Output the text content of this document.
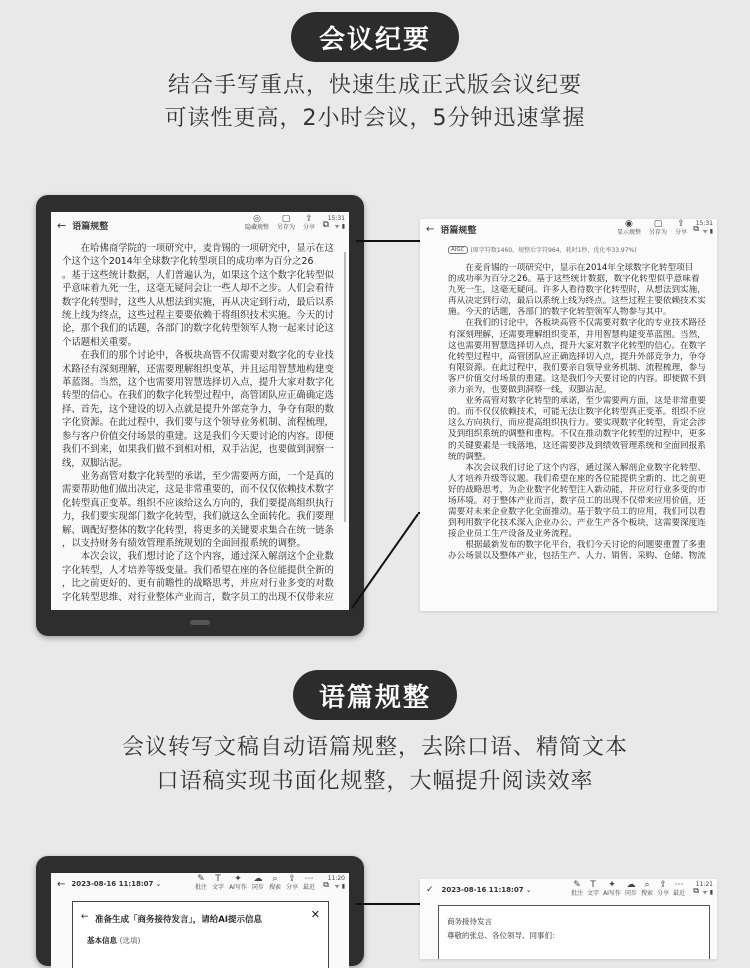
会议纪要
结合手写重点，快速生成正式版会议纪要
可读性更高，2小时会议，5分钟迅速掌握
← 语篇规整
◎
隐藏规整
▢
另存为
⇪
分享 ⧉
15:31
ᯤ ▮
　　在哈佛商学院的一项研究中，麦肯锡的一项研究中，显示在这
个这个这个2014年全球数字化转型项目的成功率为百分之26
。基于这些统计数据，人们普遍认为，如果这个这个数字化转型似
乎意味着九死一生，这毫无疑问会让一些人却不之步。人们会看待
数字化转型时，这些人从想法到实施，再从决定到行动，最后以系
统上线为终点，这些过程主要要依赖于将组织技术实施。今天的讨
论，那个我们的话题，各部门的数字化转型领军人物一起来讨论这
个话题相关重要。
　　在我们的那个讨论中，各板块高管不仅需要对数字化的专业技
术路径有深刻理解，还需要理解组织变革，并且运用智慧地构建变
革蓝图。当然，这个也需要用智慧选择切入点，提升大家对数字化
转型的信心。在我们的数字化转型过程中，高管团队应正确确定选
择、首先，这个建设的切入点就是提升外部竞争力，争夺有限的数
字化资源。在此过程中，我们要与这个领导业务机制、流程梳理，
参与客户价值交付场景的重建。这是我们今天要讨论的内容。即便
我们不到来，如果我们做不到相对相，双手沾泥，也要做到洞察一
线，双脚沾泥。
　　业务高管对数字化转型的承诺，至少需要两方面，一个是真的
需要帮助他们做出决定，这是非常重要的，而不仅仅依赖技术数字
化转型真正变革。组织不应该给这么方向的，我们要提高组织执行
力，我们要实现部门数字化转型，我们就这么全面转化。我们要理
解、调配好整体的数字化转型，将更多的关键要求集合在统一链条
，以支持财务有绩效管理系统规划的全面回报系统的调整。
　　本次会议，我们想讨论了这个内容，通过深入解剖这个企业数
字化转型，人才培养等级变量。我们希望在座的各位能提供全新的
，比之前更好的、更有前瞻性的战略思考，并应对行业多变的对数
字化转型思维、对行业整体产业而言，数字员工的出现不仅带来应
← 语篇规整
◉
显示规整
▢
另存为
⇪
分享 ⧉
15:31
ᯤ ▮
AIGC	(原字符数1460，规整后字符964，耗时1秒，优化率33.97%)
　　在麦肯锡的一项研究中，显示在2014年全球数字化转型项目
的成功率为百分之26。基于这些统计数据，数字化转型似乎意味着
九死一生，这毫无疑问。许多人看待数字化转型时，从想法到实施，
再从决定到行动，最后以系统上线为终点。这些过程主要依赖技术实
施。今天的话题，各部门的数字化转型领军人物参与其中。
　　在我们的讨论中，各板块高管不仅需要对数字化的专业技术路径
有深刻理解，还需要理解组织变革，并用智慧构建变革蓝图。当然，
这也需要用智慧选择切入点，提升大家对数字化转型的信心。在数字
化转型过程中，高管团队应正确选择切入点，提升外部竞争力，争夺
有限资源。在此过程中，我们要亲自领导业务机制、流程梳理，参与
客户价值交付场景的重建。这是我们今天要讨论的内容。即使做不到
亲力亲为，也要做到洞察一线，双脚沾泥。
　　业务高管对数字化转型的承诺，至少需要两方面，这是非常重要
的。而不仅仅依赖技术，可能无法让数字化转型真正变革。组织不应
这么方向执行，而应提高组织执行力。要实现数字化转型，肯定会涉
及到组织系统的调整和重构。不仅在推动数字化转型的过程中，更多
的关键要素是一线落地，这还需要涉及到绩效管理系统和全面回报系
统的调整。
　　本次会议我们讨论了这个内容，通过深入解剖企业数字化转型、
人才培养升级等议题。我们希望在座的各位能提供全新的、比之前更
好的战略思考，为企业数字化转型注入新动能，并应对行业多变的市
场环境。对于整体产业而言，数字员工的出现不仅带来应用价值，还
需要对未来企业数字化全面推动。基于数字员工的应用，我们可以看
到利用数字化技术深入企业办公、产业生产各个板块，这需要深度连
接企业员工生产设备及业务流程。
　　根据最新发布的数字化平台，我们今天讨论的问题要重置了多重
办公场景以及整体产业，包括生产、人力、销售、采购、仓储、物流
语篇规整
会议转写文稿自动语篇规整，去除口语、精简文本
口语稿实现书面化规整，大幅提升阅读效率
← 2023-08-16 11:18:07 ⌄	✎
批注
T
文字
✦
AI写作
☁
同步
⌕
搜索
⇪
分享
⋯
最近 ⧉
11:20
ᯤ ▮
← 准备生成「商务接待发言」，请给AI提示信息	✕
基本信息 (选填)
✓ 2023-08-16 11:18:07 ⌄	✎
批注
T
文字
✦
AI写作
☁
同步
⌕
搜索
⇪
分享
⋯
最近 ⧉
11:21
ᯤ ▮
商务接待发言
尊敬的张总、各位领导、同事们：
